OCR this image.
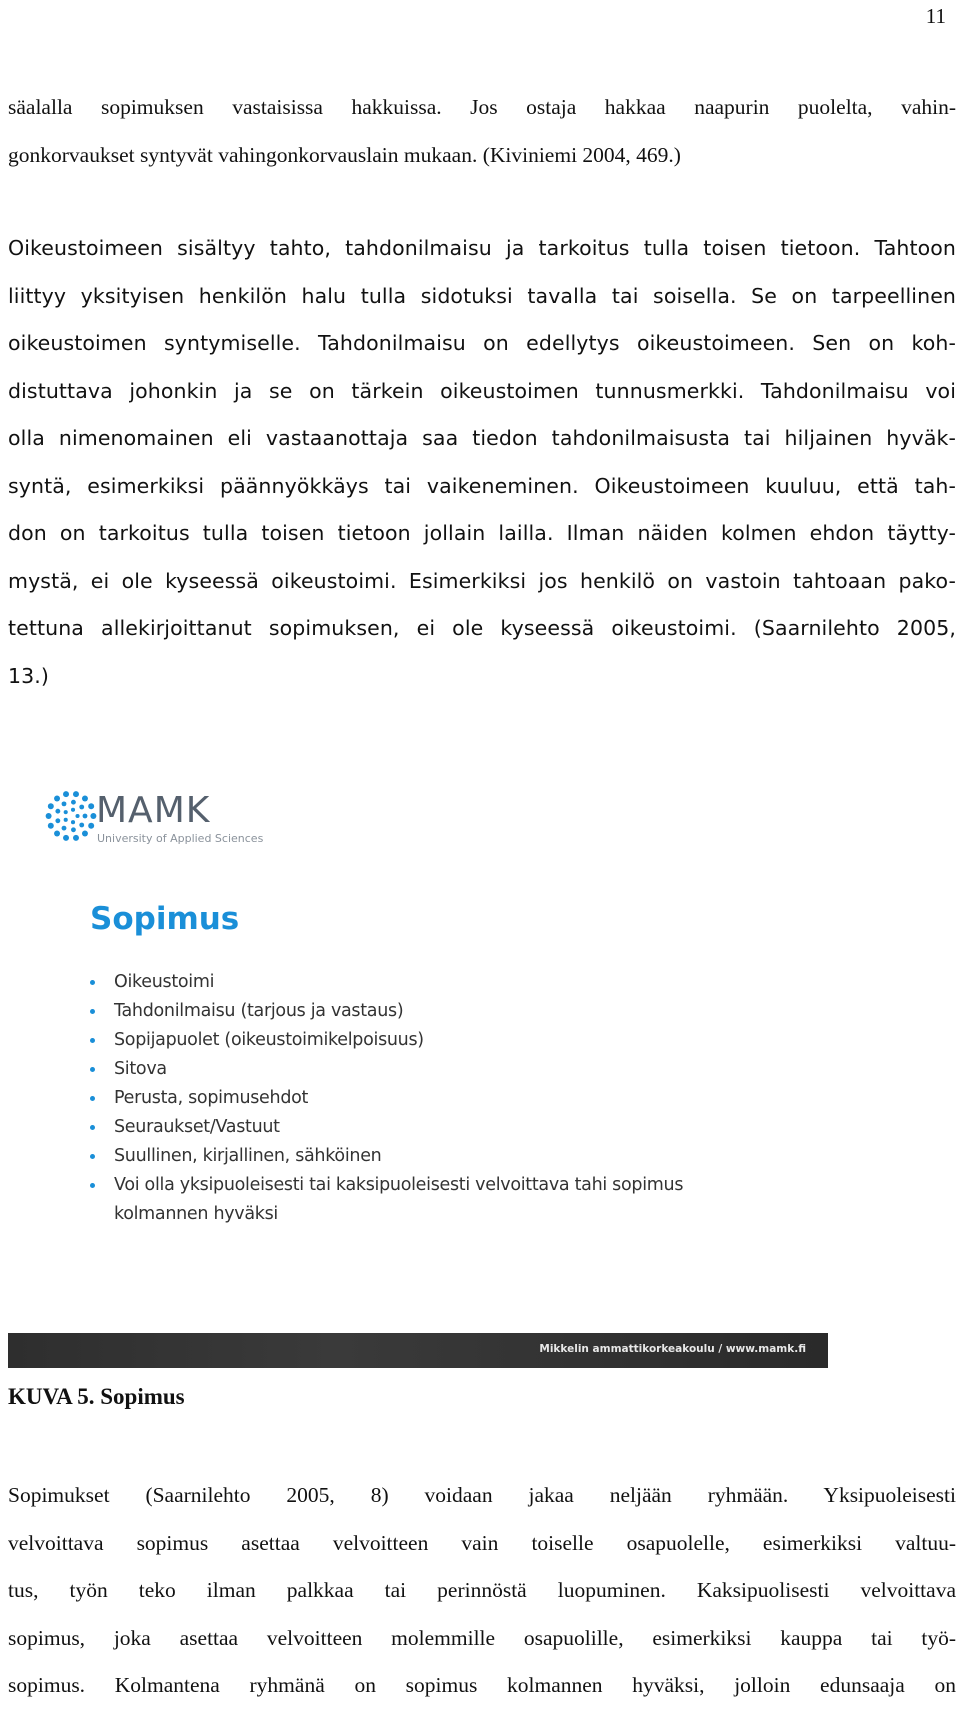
11
säalalla sopimuksen vastaisissa hakkuissa. Jos ostaja hakkaa naapurin puolelta, vahin-
gonkorvaukset syntyvät vahingonkorvauslain mukaan. (Kiviniemi 2004, 469.)
Oikeustoimeen sisältyy tahto, tahdonilmaisu ja tarkoitus tulla toisen tietoon. Tahtoon
liittyy yksityisen henkilön halu tulla sidotuksi tavalla tai soisella. Se on tarpeellinen
oikeustoimen syntymiselle. Tahdonilmaisu on edellytys oikeustoimeen. Sen on koh-
distuttava johonkin ja se on tärkein oikeustoimen tunnusmerkki. Tahdonilmaisu voi
olla nimenomainen eli vastaanottaja saa tiedon tahdonilmaisusta tai hiljainen hyväk-
syntä, esimerkiksi päännyökkäys tai vaikeneminen. Oikeustoimeen kuuluu, että tah-
don on tarkoitus tulla toisen tietoon jollain lailla. Ilman näiden kolmen ehdon täytty-
mystä, ei ole kyseessä oikeustoimi. Esimerkiksi jos henkilö on vastoin tahtoaan pako-
tettuna allekirjoittanut sopimuksen, ei ole kyseessä oikeustoimi. (Saarnilehto 2005,
13.)
MAMK
University of Applied Sciences
Sopimus
Oikeustoimi
Tahdonilmaisu (tarjous ja vastaus)
Sopijapuolet (oikeustoimikelpoisuus)
Sitova
Perusta, sopimusehdot
Seuraukset/Vastuut
Suullinen, kirjallinen, sähköinen
Voi olla yksipuoleisesti tai kaksipuoleisesti velvoittava tahi sopimus kolmannen hyväksi
Mikkelin ammattikorkeakoulu / www.mamk.fi

KUVA 5. Sopimus

Sopimukset (Saarnilehto 2005, 8) voidaan jakaa neljään ryhmään. Yksipuoleisesti
velvoittava sopimus asettaa velvoitteen vain toiselle osapuolelle, esimerkiksi valtuu-
tus, työn teko ilman palkkaa tai perinnöstä luopuminen. Kaksipuolisesti velvoittava
sopimus, joka asettaa velvoitteen molemmille osapuolille, esimerkiksi kauppa tai työ-
sopimus. Kolmantena ryhmänä on sopimus kolmannen hyväksi, jolloin edunsaaja on
